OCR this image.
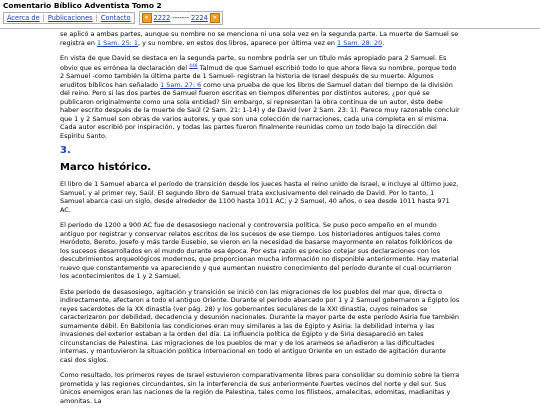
Comentario Bíblico Adventista Tomo 2
Acerca de | Publicaciones | Contacto	« 2222 ------- 2224 »

se aplicó a ambas partes, aunque su nombre no se menciona ni una sola vez en la segunda parte. La muerte de Samuel se registra en 1 Sam. 25: 1, y su nombre, en estos dos libros, aparece por última vez en 1 Sam. 28: 20.

En vista de que David se destaca en la segunda parte, su nombre podría ser un título más apropiado para 2 Samuel. Es obvio que es errónea la declaración del $^{448}$ Talmud de que Samuel escribió todo lo que ahora lleva su nombre, porque todo 2 Samuel -como también la última parte de 1 Samuel- registran la historia de Israel después de su muerte. Algunos eruditos bíblicos han señalado 1 Sam. 27: 6 como una prueba de que los libros de Samuel datan del tiempo de la división del reino. Pero si las dos partes de Samuel fueron escritas en tiempos diferentes por distintos autores, ¿por qué se publicaron originalmente como una sola entidad? Sin embargo, si representan la obra continua de un autor, éste debe haber escrito después de la muerte de Saúl (2 Sam. 21: 1-14) y de David (ver 2 Sam. 23: 1). Parece muy razonable concluir que 1 y 2 Samuel son obras de varios autores, y que son una colección de narraciones, cada una completa en sí misma. Cada autor escribió por inspiración, y todas las partes fueron finalmente reunidas como un todo bajo la dirección del Espíritu Santo.

3.
Marco histórico.

El libro de 1 Samuel abarca el período de transición desde los jueces hasta el reino unido de Israel, e incluye al último juez, Samuel, y al primer rey, Saúl. El segundo libro de Samuel trata exclusivamente del reinado de David. Por lo tanto, 1 Samuel abarca casi un siglo, desde alrededor de 1100 hasta 1011 AC; y 2 Samuel, 40 años, o sea desde 1011 hasta 971 AC.

El período de 1200 a 900 AC fue de desasosiego nacional y controversia política. Se puso poco empeño en el mundo antiguo por registrar y conservar relatos escritos de los sucesos de ese tiempo. Los historiadores antiguos tales como Heródoto, Beroto, Josefo y más tarde Eusebio, se vieron en la necesidad de basarse mayormente en relatos folklóricos de los sucesos desarrollados en el mundo durante esa época. Por esta razón es preciso cotejar sus declaraciones con los descubrimientos arqueológicos modernos, que proporcionan mucha información no disponible anteriormente. Hay material nuevo que constantemente va apareciendo y que aumentan nuestro conocimiento del período durante el cual ocurrieron los acontecimientos de 1 y 2 Samuel.

Este período de desasosiego, agitación y transición se inició con las migraciones de los pueblos del mar que, directa o indirectamente, afectaron a todo el antiguo Oriente. Durante el período abarcado por 1 y 2 Samuel gobernaron a Egipto los reyes sacerdotes de la XX dinastía (ver pág. 28) y los gobernantes seculares de la XXI dinastía, cuyos reinados se caracterizaron por debilidad, decadencia y desunión nacionales. Durante la mayor parte de este período Asiria fue también sumamente débil. En Babilonia las condiciones eran muy similares a las de Egipto y Asiria: la debilidad interna y las invasiones del exterior estaban a la orden del día. La influencia política de Egipto y de Siria desapareció en tales circunstancias de Palestina. Las migraciones de los pueblos de mar y de los arameos se añadieron a las dificultades internas, y mantuvieron la situación política internacional en todo el antiguo Oriente en un estado de agitación durante casi dos siglos.

Como resultado, los primeros reyes de Israel estuvieron comparativamente libres para consolidar su dominio sobre la tierra prometida y las regiones circundantes, sin la interferencia de sus anteriormente fuertes vecinos del norte y del sur. Sus únicos enemigos eran las naciones de la región de Palestina, tales como los filisteos, amalecitas, edomitas, madianitas y amonitas. La
